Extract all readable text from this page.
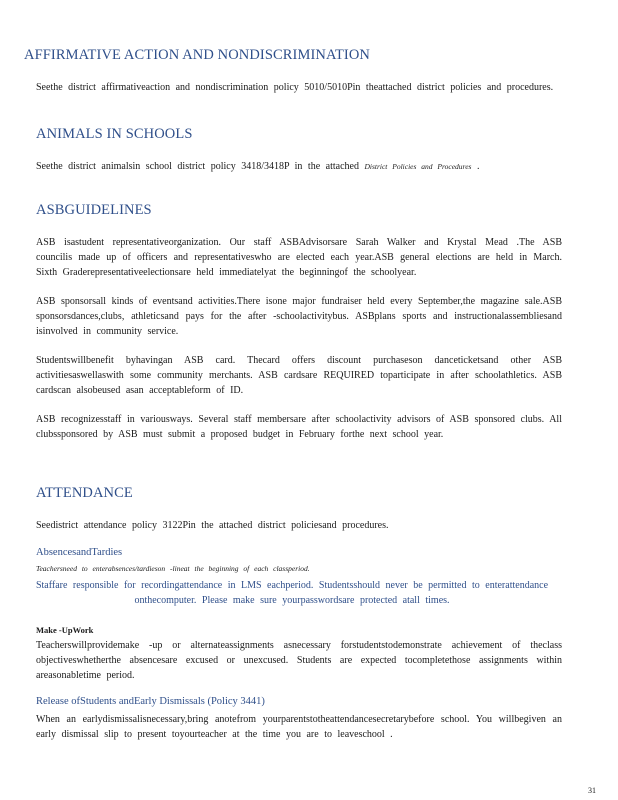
AFFIRMATIVE ACTION AND NONDISCRIMINATION
Seethe district affirmativeaction and nondiscrimination policy 5010/5010Pin theattached district policies and procedures.
ANIMALS IN SCHOOLS
Seethe district animalsin school district policy 3418/3418P in the attached District Policies and Procedures .
ASBGUIDELINES
ASB isastudent representativeorganization. Our staff ASBAdvisorsare Sarah Walker and Krystal Mead .The ASB councilis made up of officers and representativeswho are elected each year.ASB general elections are held in March. Sixth Graderepresentativeelectionsare held immediatelyat the beginningof the schoolyear.
ASB sponsorsall kinds of eventsand activities.There isone major fundraiser held every September,the magazine sale.ASB sponsorsdances,clubs, athleticsand pays for the after -schoolactivitybus. ASBplans sports and instructionalassembliesand isinvolved in community service.
Studentswillbenefit byhavingan ASB card. Thecard offers discount purchaseson danceticketsand other ASB activitiesaswellaswith some community merchants. ASB cardsare REQUIRED toparticipate in after schoolathletics. ASB cardscan alsobeused asan acceptableform of ID.
ASB recognizesstaff in variousways. Several staff membersare after schoolactivity advisors of ASB sponsored clubs. All clubssponsored by ASB must submit a proposed budget in February forthe next school year.
ATTENDANCE
Seedistrict attendance policy 3122Pin the attached district policiesand procedures.
AbsencesandTardies
Teachersneed to enterabsences/tardieson -lineat the beginning of each classperiod.
Staffare responsible for recordingattendance in LMS eachperiod. Studentsshould never be permitted to enterattendance onthecomputer. Please make sure yourpasswordsare protected atall times.
Make -UpWork
Teacherswillprovidemake -up or alternateassignments asnecessary forstudentstodemonstrate achievement of theclass objectiveswhetherthe absencesare excused or unexcused. Students are expected tocompletethose assignments within areasonabletime period.
Release ofStudents andEarly Dismissals (Policy 3441)
When an earlydismissalisnecessary,bring anotefrom yourparentstotheattendancesecretarybefore school. You willbegiven an early dismissal slip to present toyourteacher at the time you are to leaveschool .
31
